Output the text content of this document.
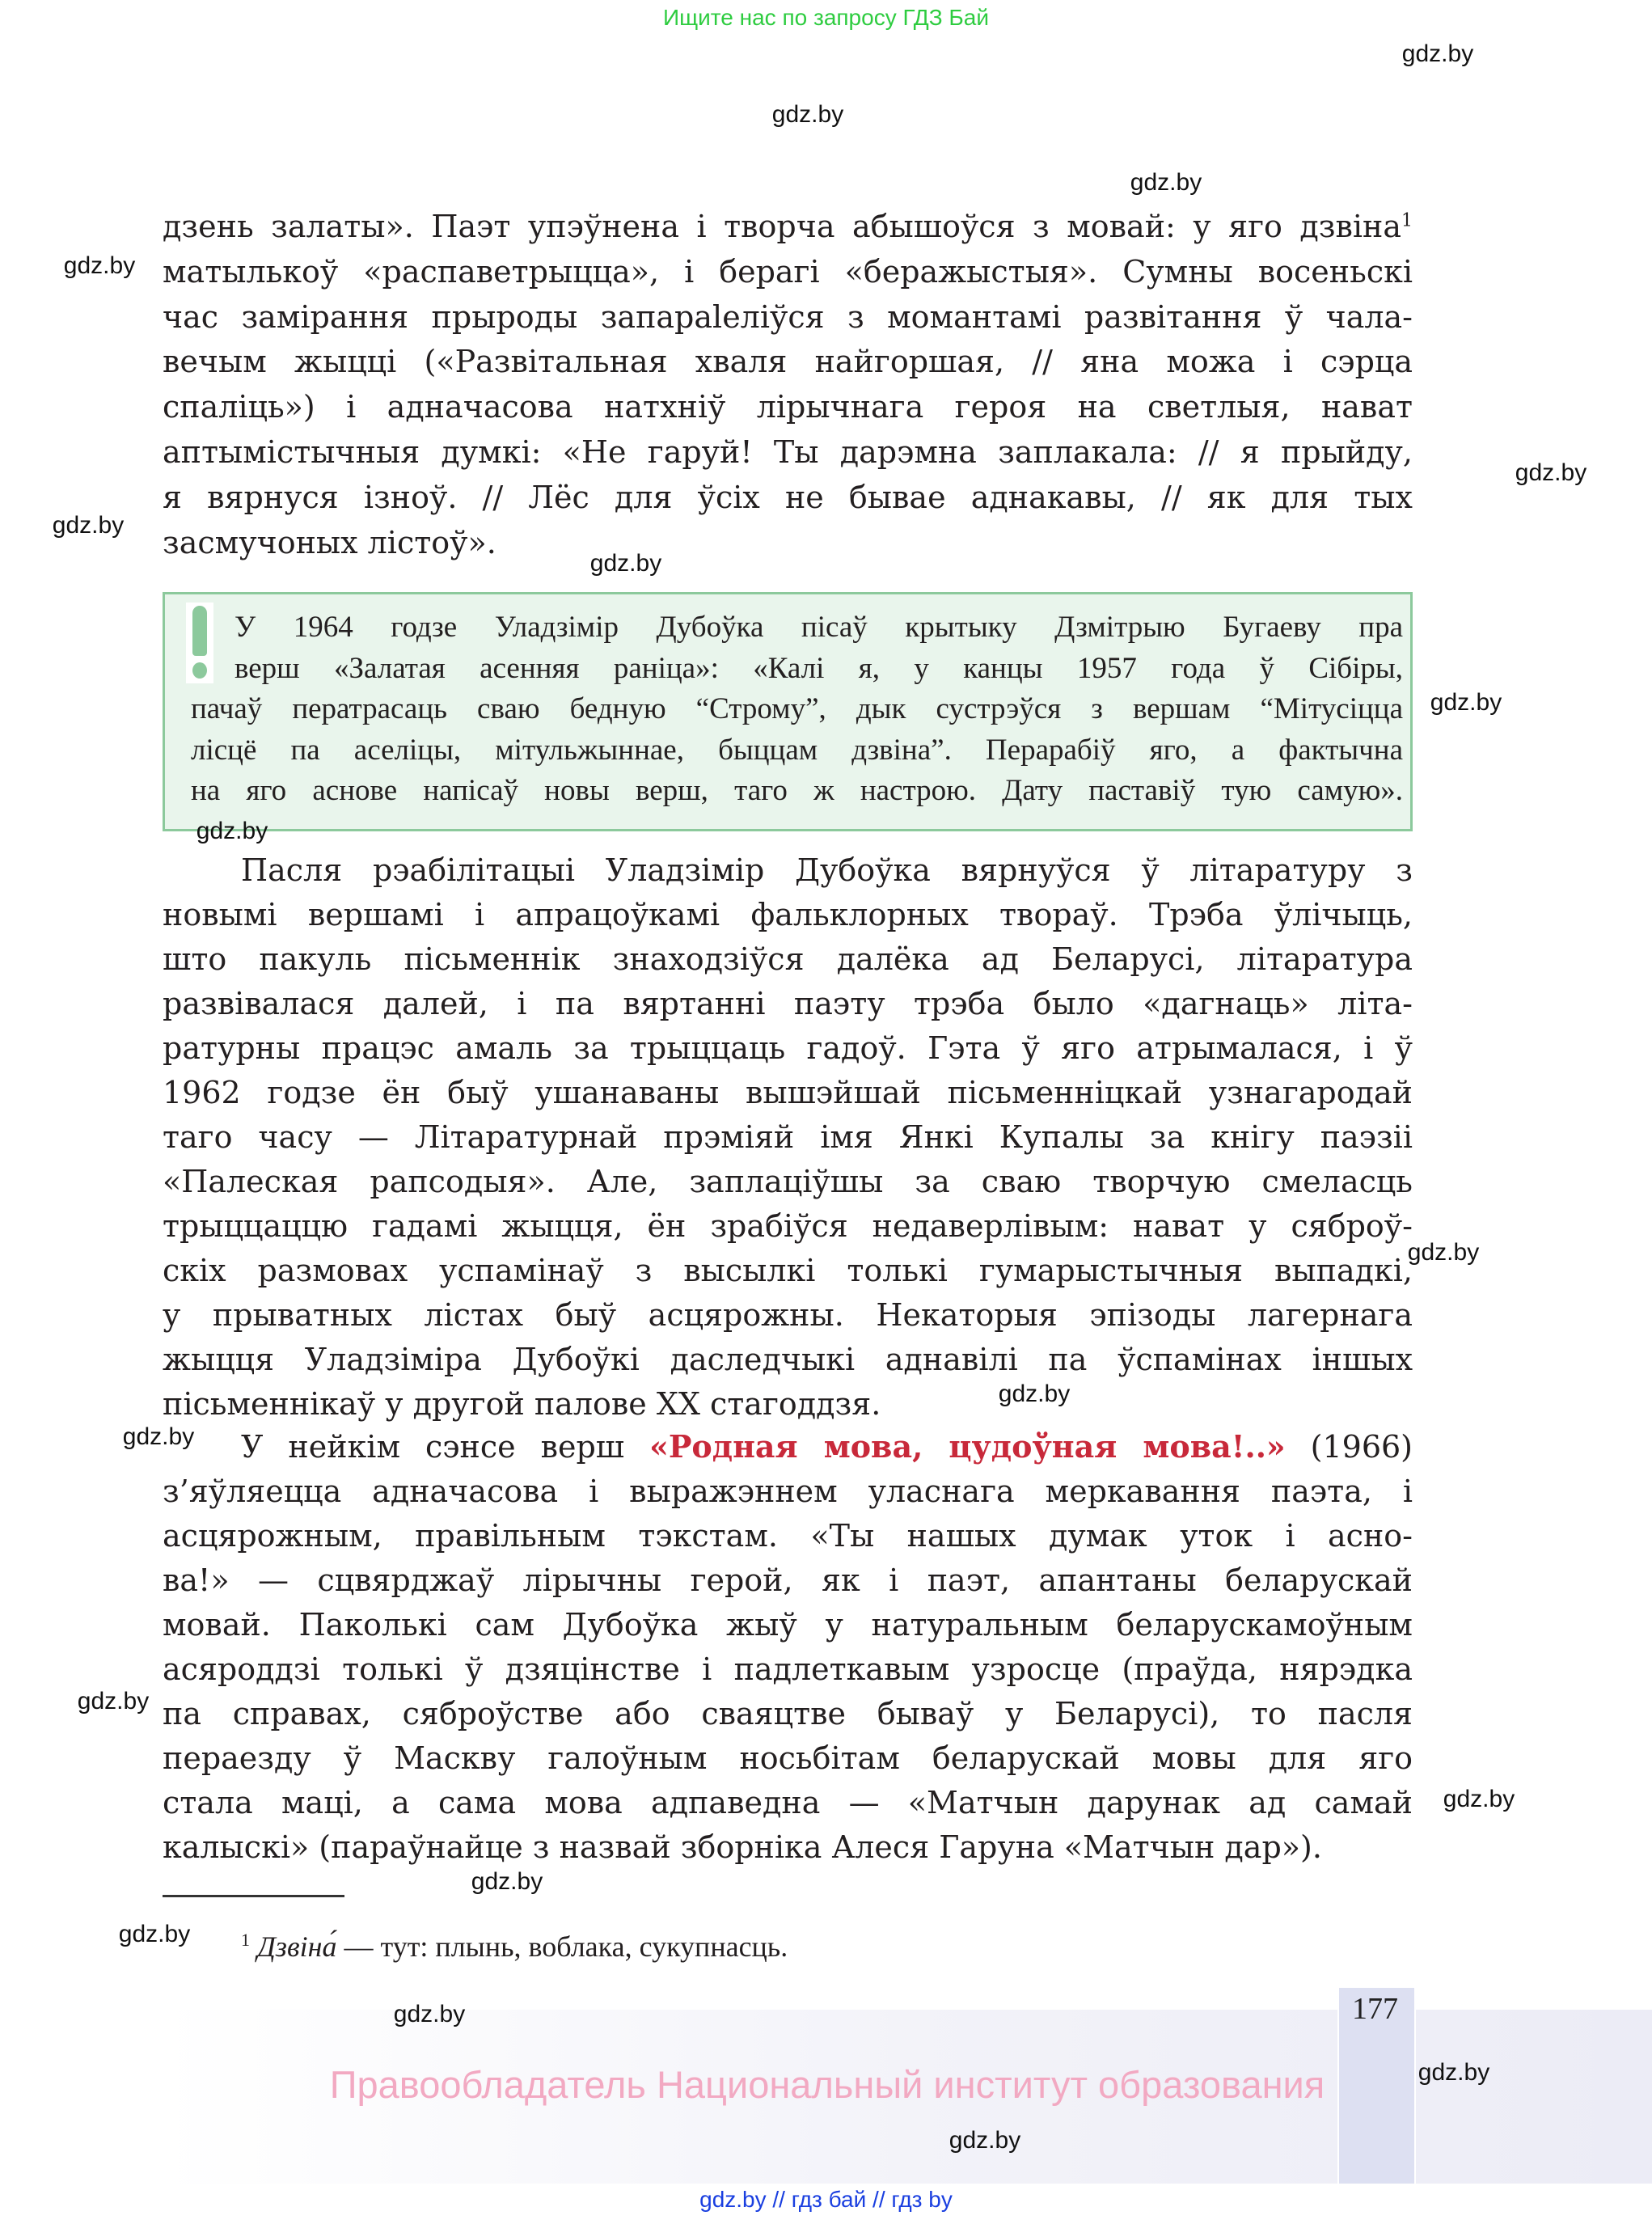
Ищите нас по запросу ГДЗ Бай
дзень залаты». Паэт упэўнена і творча абышоўся з мовай: у яго дзвіна$^1$
матылькоў «распаветрыцца», і берагі «беражыстыя». Сумны восеньскі
час замірання прыроды запараleліўся з момантамі развітання ў чала-
вечым жыцці («Развітальная хваля найгоршая, // яна можа і сэрца
спаліць») і адначасова натхніў лірычнага героя на светлыя, нават
аптымістычныя думкі: «Не гаруй! Ты дарэмна заплакала: // я прыйду,
я вярнуся ізноў. // Лёс для ўсіх не бывае аднакавы, // як для тых
засмучоных лістоў».
У 1964 годзе Уладзімір Дубоўка пісаў крытыку Дзмітрыю Бугаеву пра
верш «Залатая асенняя раніца»: «Калі я, у канцы 1957 года ў Сібіры,
пачаў ператрасаць сваю бедную “Строму”, дык сустрэўся з вершам “Мітусіцца
лісцё па аселіцы, мітульжыннае, быццам дзвіна”. Перарабіў яго, а фактычна
на яго аснове напісаў новы верш, таго ж настрою. Дату паставіў тую самую».
Пасля рэабілітацыі Уладзімір Дубоўка вярнуўся ў літаратуру з
новымі вершамі і апрацоўкамі фальклорных твораў. Трэба ўлічыць,
што пакуль пісьменнік знаходзіўся далёка ад Беларусі, літаратура
развівалася далей, і па вяртанні паэту трэба было «дагнаць» літа-
ратурны працэс амаль за трыццаць гадоў. Гэта ў яго атрымалася, і ў
1962 годзе ён быў ушанаваны вышэйшай пісьменніцкай узнагародай
таго часу — Літаратурнай прэміяй імя Янкі Купалы за кнігу паэзіі
«Палеская рапсодыя». Але, заплаціўшы за сваю творчую смеласць
трыццаццю гадамі жыцця, ён зрабіўся недаверлівым: нават у сяброў-
скіх размовах успамінаў з высылкі толькі гумарыстычныя выпадкі,
у прыватных лістах быў асцярожны. Некаторыя эпізоды лагернага
жыцця Уладзіміра Дубоўкі даследчыкі аднавілі па ўспамінах іншых
пісьменнікаў у другой палове XX стагоддзя.
У нейкім сэнсе верш «Родная мова, цудоўная мова!..» (1966)
з’яўляецца адначасова і выражэннем уласнага меркавання паэта, і
асцярожным, правільным тэкстам. «Ты нашых думак уток і асно-
ва!» — сцвярджаў лірычны герой, як і паэт, апантаны беларускай
мовай. Паколькі сам Дубоўка жыў у натуральным беларускамоўным
асяроддзі толькі ў дзяцінстве і падлеткавым узросце (праўда, нярэдка
па справах, сяброўстве або сваяцтве бываў у Беларусі), то пасля
пераезду ў Маскву галоўным носьбітам беларускай мовы для яго
стала маці, а сама мова адпаведна — «Матчын дарунак ад самай
калыскі» (параўнайце з назвай зборніка Алеся Гаруна «Матчын дар»).
$^1$ Дзвіна́ — тут: плынь, воблака, сукупнасць.
177
Правообладатель Национальный институт образования
gdz.by // гдз бай // гдз by
gdz.by
gdz.by
gdz.by
gdz.by
gdz.by
gdz.by
gdz.by
gdz.by
gdz.by
gdz.by
gdz.by
gdz.by
gdz.by
gdz.by
gdz.by
gdz.by
gdz.by
gdz.by
gdz.by
